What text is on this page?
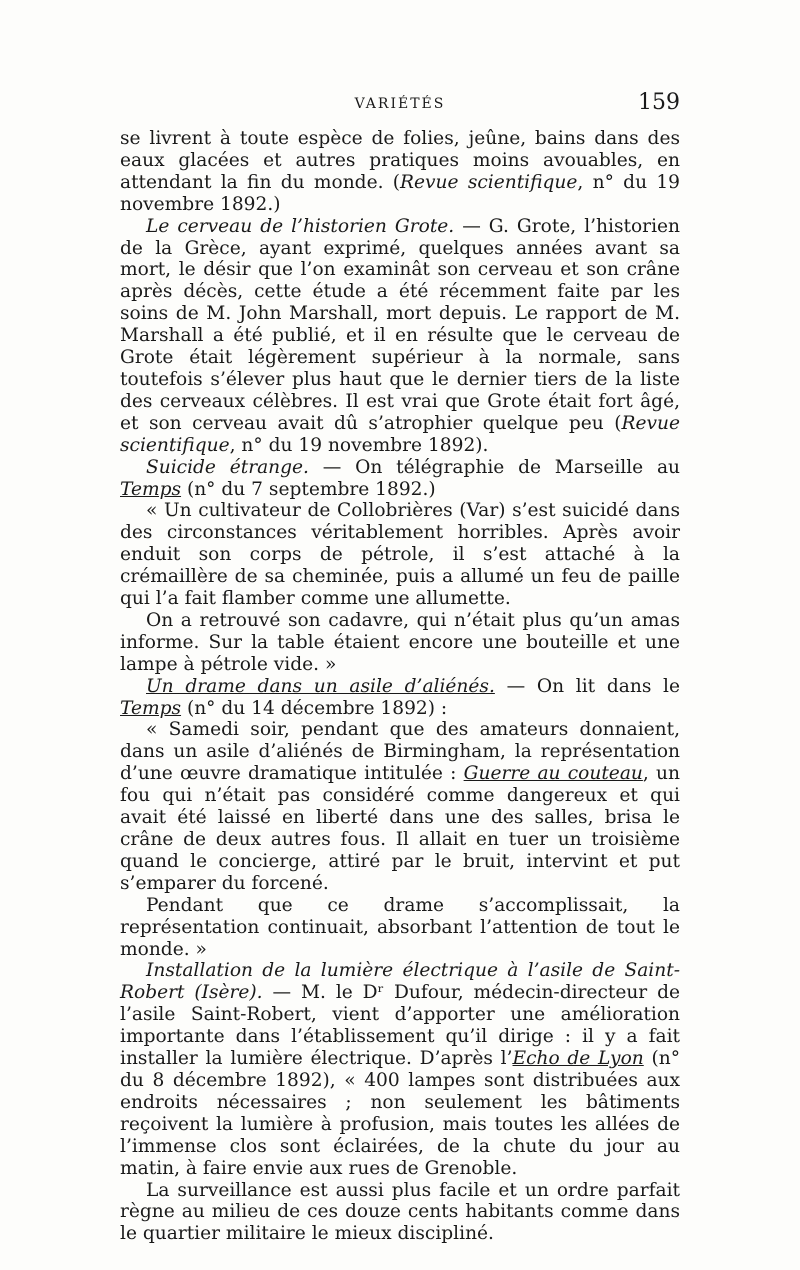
VARIÉTÉS	159

se livrent à toute espèce de folies, jeûne, bains dans des eaux glacées et autres pratiques moins avouables, en attendant la fin du monde. (Revue scientifique, n° du 19 novembre 1892.)

Le cerveau de l’historien Grote. — G. Grote, l’historien de la Grèce, ayant exprimé, quelques années avant sa mort, le désir que l’on examinât son cerveau et son crâne après décès, cette étude a été récemment faite par les soins de M. John Marshall, mort depuis. Le rapport de M. Marshall a été publié, et il en résulte que le cerveau de Grote était légèrement supérieur à la normale, sans toutefois s’élever plus haut que le dernier tiers de la liste des cerveaux célèbres. Il est vrai que Grote était fort âgé, et son cerveau avait dû s’atrophier quelque peu (Revue scientifique, n° du 19 novembre 1892).

Suicide étrange. — On télégraphie de Marseille au Temps (n° du 7 septembre 1892.)

« Un cultivateur de Collobrières (Var) s’est suicidé dans des circonstances véritablement horribles. Après avoir enduit son corps de pétrole, il s’est attaché à la crémaillère de sa cheminée, puis a allumé un feu de paille qui l’a fait flamber comme une allumette.

On a retrouvé son cadavre, qui n’était plus qu’un amas informe. Sur la table étaient encore une bouteille et une lampe à pétrole vide. »

Un drame dans un asile d’aliénés. — On lit dans le Temps (n° du 14 décembre 1892) :

« Samedi soir, pendant que des amateurs donnaient, dans un asile d’aliénés de Birmingham, la représentation d’une œuvre dramatique intitulée : Guerre au couteau, un fou qui n’était pas considéré comme dangereux et qui avait été laissé en liberté dans une des salles, brisa le crâne de deux autres fous. Il allait en tuer un troisième quand le concierge, attiré par le bruit, intervint et put s’emparer du forcené.

Pendant que ce drame s’accomplissait, la représentation continuait, absorbant l’attention de tout le monde. »

Installation de la lumière électrique à l’asile de Saint-Robert (Isère). — M. le Dʳ Dufour, médecin-directeur de l’asile Saint-Robert, vient d’apporter une amélioration importante dans l’établissement qu’il dirige : il y a fait installer la lumière électrique. D’après l’Echo de Lyon (n° du 8 décembre 1892), « 400 lampes sont distribuées aux endroits nécessaires ; non seulement les bâtiments reçoivent la lumière à profusion, mais toutes les allées de l’immense clos sont éclairées, de la chute du jour au matin, à faire envie aux rues de Grenoble.

La surveillance est aussi plus facile et un ordre parfait règne au milieu de ces douze cents habitants comme dans le quartier militaire le mieux discipliné.
